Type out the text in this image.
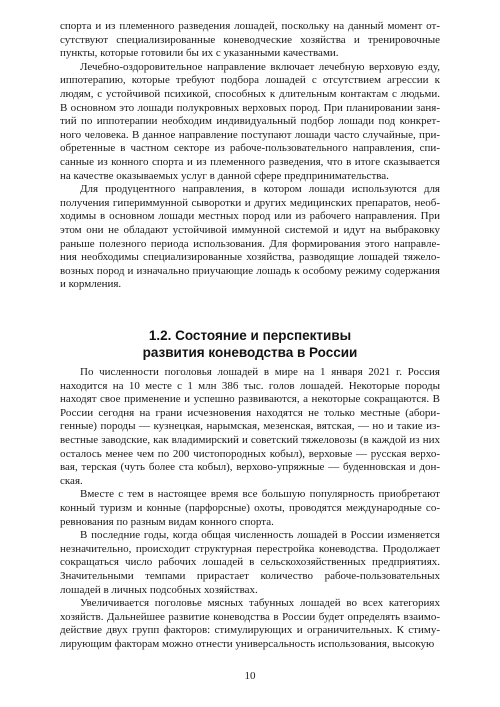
спорта и из племенного разведения лошадей, поскольку на данный момент отсутствуют специализированные коневодческие хозяйства и тренировочные пункты, которые готовили бы их с указанными качествами.

Лечебно-оздоровительное направление включает лечебную верховую езду, иппотерапию, которые требуют подбора лошадей с отсутствием агрессии к людям, с устойчивой психикой, способных к длительным контактам с людьми. В основном это лошади полукровных верховых пород. При планировании занятий по иппотерапии необходим индивидуальный подбор лошади под конкретного человека. В данное направление поступают лошади часто случайные, приобретенные в частном секторе из рабоче-пользовательного направления, списанные из конного спорта и из племенного разведения, что в итоге сказывается на качестве оказываемых услуг в данной сфере предпринимательства.

Для продуцентного направления, в котором лошади используются для получения гипериммунной сыворотки и других медицинских препаратов, необходимы в основном лошади местных пород или из рабочего направления. При этом они не обладают устойчивой иммунной системой и идут на выбраковку раньше полезного периода использования. Для формирования этого направления необходимы специализированные хозяйства, разводящие лошадей тяжеловозных пород и изначально приучающие лошадь к особому режиму содержания и кормления.

1.2. Состояние и перспективы
развития коневодства в России

По численности поголовья лошадей в мире на 1 января 2021 г. Россия находится на 10 месте с 1 млн 386 тыс. голов лошадей. Некоторые породы находят свое применение и успешно развиваются, а некоторые сокращаются. В России сегодня на грани исчезновения находятся не только местные (аборигенные) породы — кузнецкая, нарымская, мезенская, вятская, — но и такие известные заводские, как владимирский и советский тяжеловозы (в каждой из них осталось менее чем по 200 чистопородных кобыл), верховые — русская верховая, терская (чуть более ста кобыл), верхово-упряжные — буденновская и донская.

Вместе с тем в настоящее время все большую популярность приобретают конный туризм и конные (парфорсные) охоты, проводятся международные соревнования по разным видам конного спорта.

В последние годы, когда общая численность лошадей в России изменяется незначительно, происходит структурная перестройка коневодства. Продолжает сокращаться число рабочих лошадей в сельскохозяйственных предприятиях. Значительными темпами прирастает количество рабоче-пользовательных лошадей в личных подсобных хозяйствах.

Увеличивается поголовье мясных табунных лошадей во всех категориях хозяйств. Дальнейшее развитие коневодства в России будет определять взаимодействие двух групп факторов: стимулирующих и ограничительных. К стимулирующим факторам можно отнести универсальность использования, высокую

10
